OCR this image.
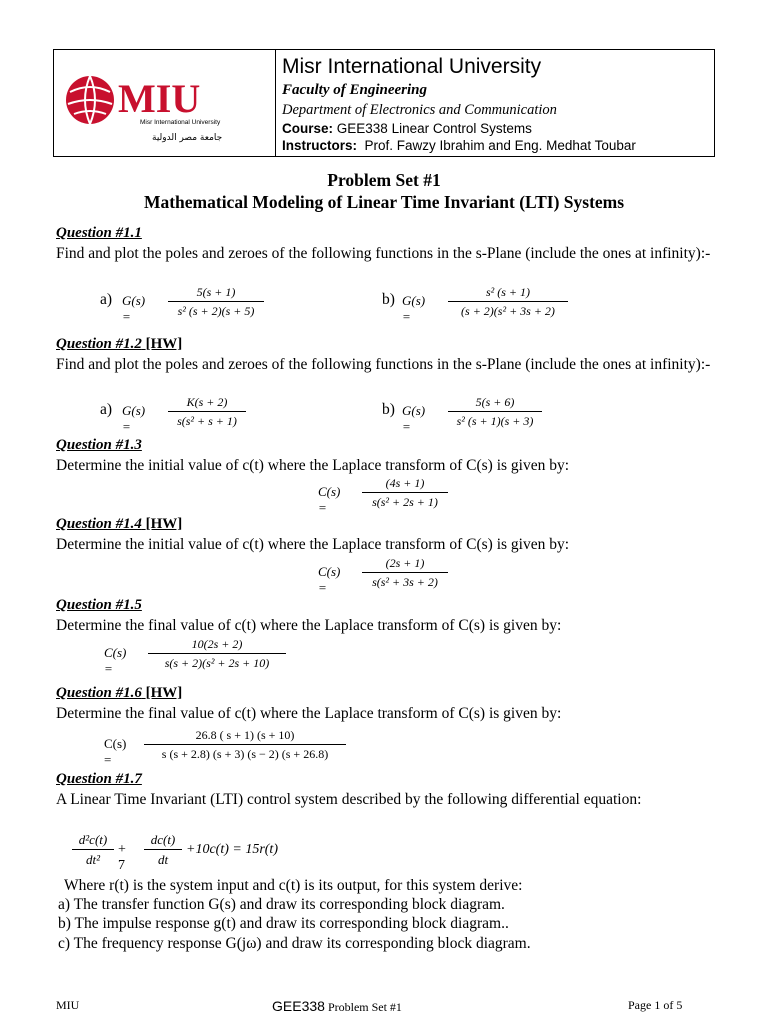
MIU
Misr International University
جامعة مصر الدولية
Misr International University
Faculty of Engineering
Department of Electronics and Communication
Course: GEE338 Linear Control Systems
Instructors: Prof. Fawzy Ibrahim and Eng. Medhat Toubar
Problem Set #1
Mathematical Modeling of Linear Time Invariant (LTI) Systems
Question #1.1
Find and plot the poles and zeroes of the following functions in the s-Plane (include the ones at infinity):-
a) G(s) =	$\frac{5(s + 1)}{\text{s² (s + 2)(s + 5)}}$	b) G(s) =	$\frac{\text{s² (s + 1)}}{\text{(s + 2)(s² + 3s + 2)}}$
Question #1.2 [HW]
Find and plot the poles and zeroes of the following functions in the s-Plane (include the ones at infinity):-
a) G(s) =	$\frac{K(s + 2)}{\text{s(s² + s + 1)}}$	b) G(s) =	$\frac{5(s + 6)}{\text{s² (s + 1)(s + 3)}}$
Question #1.3
Determine the initial value of c(t) where the Laplace transform of C(s) is given by:
C(s) =	$\frac{(4s + 1)}{\text{s(s² + 2s + 1)}}$
Question #1.4 [HW]
Determine the initial value of c(t) where the Laplace transform of C(s) is given by:
C(s) =	$\frac{(2s + 1)}{\text{s(s² + 3s + 2)}}$
Question #1.5
Determine the final value of c(t) where the Laplace transform of C(s) is given by:
C(s) =	$\frac{10(2s + 2)}{\text{s(s + 2)(s² + 2s + 10)}}$
Question #1.6 [HW]
Determine the final value of c(t) where the Laplace transform of C(s) is given by:
C(s) =	$\frac{26.8 ( s + 1) (s + 10)}{s (s + 2.8) (s + 3) (s - 2) (s + 26.8)}$
Question #1.7
A Linear Time Invariant (LTI) control system described by the following differential equation:
$\frac{\text{d²c(t)}}{\text{dt²}} + 7 \frac{dc(t)}{dt} +10c(t) = 15r(t)$
Where r(t) is the system input and c(t) is its output, for this system derive:
a) The transfer function G(s) and draw its corresponding block diagram.
b) The impulse response g(t) and draw its corresponding block diagram..
c) The frequency response G(jω) and draw its corresponding block diagram.
MIU	GEE338 Problem Set #1	Page 1 of 5
